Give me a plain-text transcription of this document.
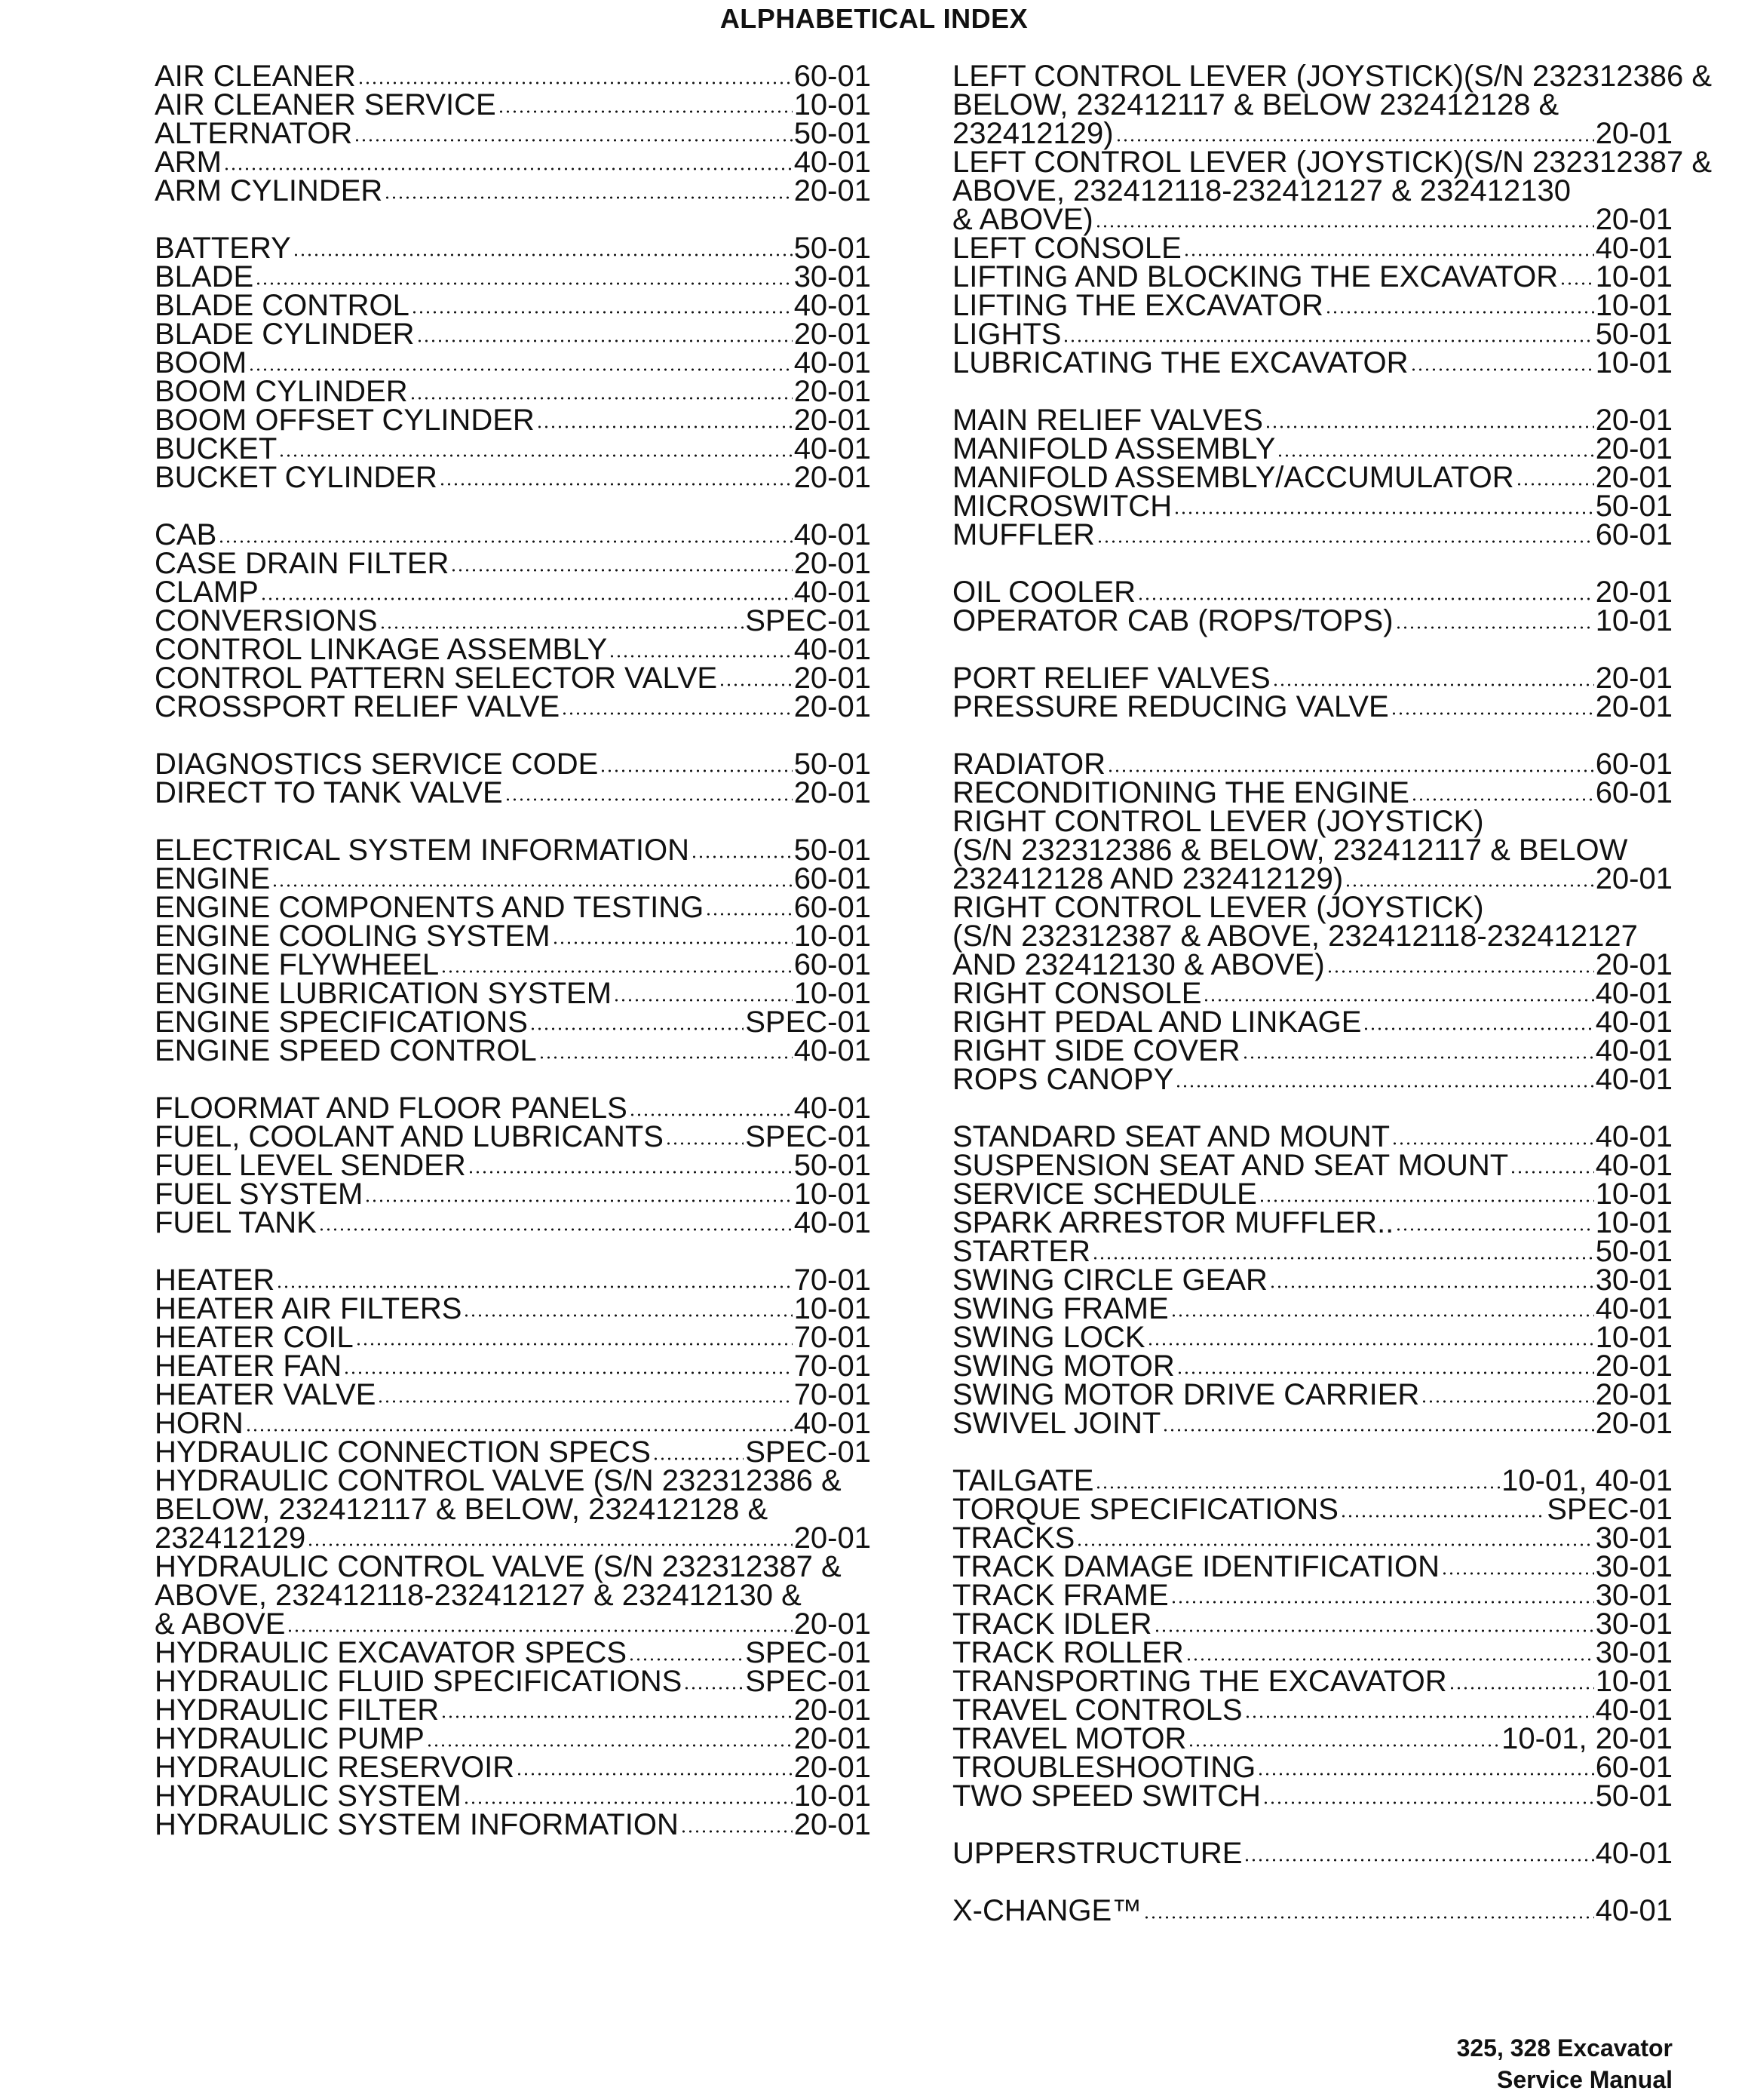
ALPHABETICAL INDEX
AIR CLEANER	60-01
AIR CLEANER SERVICE	10-01
ALTERNATOR	50-01
ARM	40-01
ARM CYLINDER	20-01
BATTERY	50-01
BLADE	30-01
BLADE CONTROL	40-01
BLADE CYLINDER	20-01
BOOM	40-01
BOOM CYLINDER	20-01
BOOM OFFSET CYLINDER	20-01
BUCKET	40-01
BUCKET CYLINDER	20-01
CAB	40-01
CASE DRAIN FILTER	20-01
CLAMP	40-01
CONVERSIONS	SPEC-01
CONTROL LINKAGE ASSEMBLY	40-01
CONTROL PATTERN SELECTOR VALVE	20-01
CROSSPORT RELIEF VALVE	20-01
DIAGNOSTICS SERVICE CODE	50-01
DIRECT TO TANK VALVE	20-01
ELECTRICAL SYSTEM INFORMATION	50-01
ENGINE	60-01
ENGINE COMPONENTS AND TESTING	60-01
ENGINE COOLING SYSTEM	10-01
ENGINE FLYWHEEL	60-01
ENGINE LUBRICATION SYSTEM	10-01
ENGINE SPECIFICATIONS	SPEC-01
ENGINE SPEED CONTROL	40-01
FLOORMAT AND FLOOR PANELS	40-01
FUEL, COOLANT AND LUBRICANTS	SPEC-01
FUEL LEVEL SENDER	50-01
FUEL SYSTEM	10-01
FUEL TANK	40-01
HEATER	70-01
HEATER AIR FILTERS	10-01
HEATER COIL	70-01
HEATER FAN	70-01
HEATER VALVE	70-01
HORN	40-01
HYDRAULIC CONNECTION SPECS	SPEC-01
HYDRAULIC CONTROL VALVE (S/N 232312386 &
BELOW, 232412117 & BELOW, 232412128 &
232412129	20-01
HYDRAULIC CONTROL VALVE (S/N 232312387 &
ABOVE, 232412118-232412127 & 232412130 &
& ABOVE	20-01
HYDRAULIC EXCAVATOR SPECS	SPEC-01
HYDRAULIC FLUID SPECIFICATIONS SPEC-01
HYDRAULIC FILTER	20-01
HYDRAULIC PUMP	20-01
HYDRAULIC RESERVOIR	20-01
HYDRAULIC SYSTEM	10-01
HYDRAULIC SYSTEM INFORMATION	20-01
LEFT CONTROL LEVER (JOYSTICK)(S/N 232312386 &
BELOW, 232412117 & BELOW 232412128 &
232412129)	20-01
LEFT CONTROL LEVER (JOYSTICK)(S/N 232312387 &
ABOVE, 232412118-232412127 & 232412130
& ABOVE)	20-01
LEFT CONSOLE	40-01
LIFTING AND BLOCKING THE EXCAVATOR 10-01
LIFTING THE EXCAVATOR	10-01
LIGHTS	50-01
LUBRICATING THE EXCAVATOR	10-01
MAIN RELIEF VALVES	20-01
MANIFOLD ASSEMBLY	20-01
MANIFOLD ASSEMBLY/ACCUMULATOR	20-01
MICROSWITCH	50-01
MUFFLER	60-01
OIL COOLER	20-01
OPERATOR CAB (ROPS/TOPS)	10-01
PORT RELIEF VALVES	20-01
PRESSURE REDUCING VALVE	20-01
RADIATOR	60-01
RECONDITIONING THE ENGINE	60-01
RIGHT CONTROL LEVER (JOYSTICK)
(S/N 232312386 & BELOW, 232412117 & BELOW
232412128 AND 232412129)	20-01
RIGHT CONTROL LEVER (JOYSTICK)
(S/N 232312387 & ABOVE, 232412118-232412127
AND 232412130 & ABOVE)	20-01
RIGHT CONSOLE	40-01
RIGHT PEDAL AND LINKAGE	40-01
RIGHT SIDE COVER	40-01
ROPS CANOPY	40-01
STANDARD SEAT AND MOUNT	40-01
SUSPENSION SEAT AND SEAT MOUNT	40-01
SERVICE SCHEDULE	10-01
SPARK ARRESTOR MUFFLER..	10-01
STARTER	50-01
SWING CIRCLE GEAR	30-01
SWING FRAME	40-01
SWING LOCK	10-01
SWING MOTOR	20-01
SWING MOTOR DRIVE CARRIER	20-01
SWIVEL JOINT	20-01
TAILGATE	10-01, 40-01
TORQUE SPECIFICATIONS	SPEC-01
TRACKS	30-01
TRACK DAMAGE IDENTIFICATION	30-01
TRACK FRAME	30-01
TRACK IDLER	30-01
TRACK ROLLER	30-01
TRANSPORTING THE EXCAVATOR	10-01
TRAVEL CONTROLS	40-01
TRAVEL MOTOR	10-01, 20-01
TROUBLESHOOTING	60-01
TWO SPEED SWITCH	50-01
UPPERSTRUCTURE	40-01
X-CHANGE™	40-01
325, 328 Excavator
Service Manual
